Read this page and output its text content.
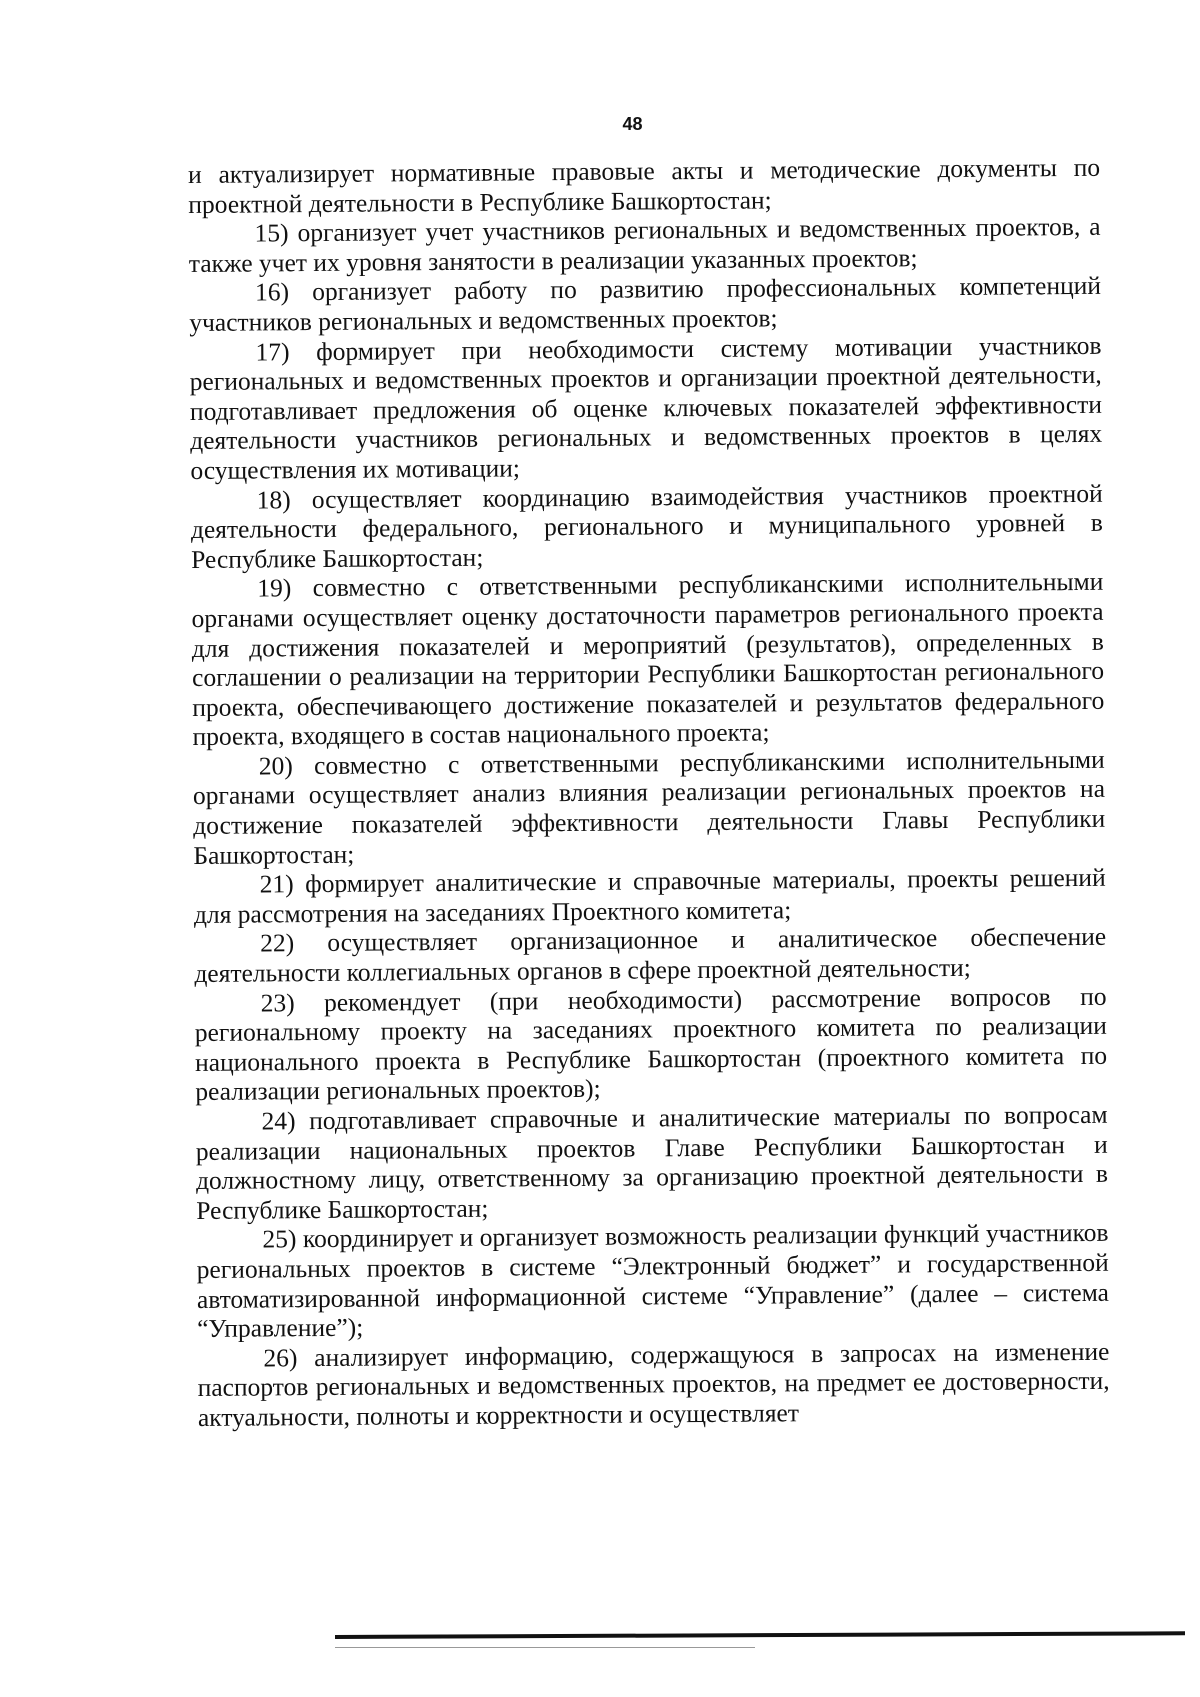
48

и актуализирует нормативные правовые акты и методические документы по проектной деятельности в Республике Башкортостан;

15) организует учет участников региональных и ведомственных проектов, а также учет их уровня занятости в реализации указанных проектов;

16) организует работу по развитию профессиональных компетенций участников региональных и ведомственных проектов;

17) формирует при необходимости систему мотивации участников региональных и ведомственных проектов и организации проектной деятельности, подготавливает предложения об оценке ключевых показателей эффективности деятельности участников региональных и ведомственных проектов в целях осуществления их мотивации;

18) осуществляет координацию взаимодействия участников проектной деятельности федерального, регионального и муниципального уровней в Республике Башкортостан;

19) совместно с ответственными республиканскими исполнительными органами осуществляет оценку достаточности параметров регионального проекта для достижения показателей и мероприятий (результатов), определенных в соглашении о реализации на территории Республики Башкортостан регионального проекта, обеспечивающего достижение показателей и результатов федерального проекта, входящего в состав национального проекта;

20) совместно с ответственными республиканскими исполнительными органами осуществляет анализ влияния реализации региональных проектов на достижение показателей эффективности деятельности Главы Республики Башкортостан;

21) формирует аналитические и справочные материалы, проекты решений для рассмотрения на заседаниях Проектного комитета;

22) осуществляет организационное и аналитическое обеспечение деятельности коллегиальных органов в сфере проектной деятельности;

23) рекомендует (при необходимости) рассмотрение вопросов по региональному проекту на заседаниях проектного комитета по реализации национального проекта в Республике Башкортостан (проектного комитета по реализации региональных проектов);

24) подготавливает справочные и аналитические материалы по вопросам реализации национальных проектов Главе Республики Башкортостан и должностному лицу, ответственному за организацию проектной деятельности в Республике Башкортостан;

25) координирует и организует возможность реализации функций участников региональных проектов в системе “Электронный бюджет” и государственной автоматизированной информационной системе “Управление” (далее – система “Управление”);

26) анализирует информацию, содержащуюся в запросах на изменение паспортов региональных и ведомственных проектов, на предмет ее достоверности, актуальности, полноты и корректности и осуществляет
